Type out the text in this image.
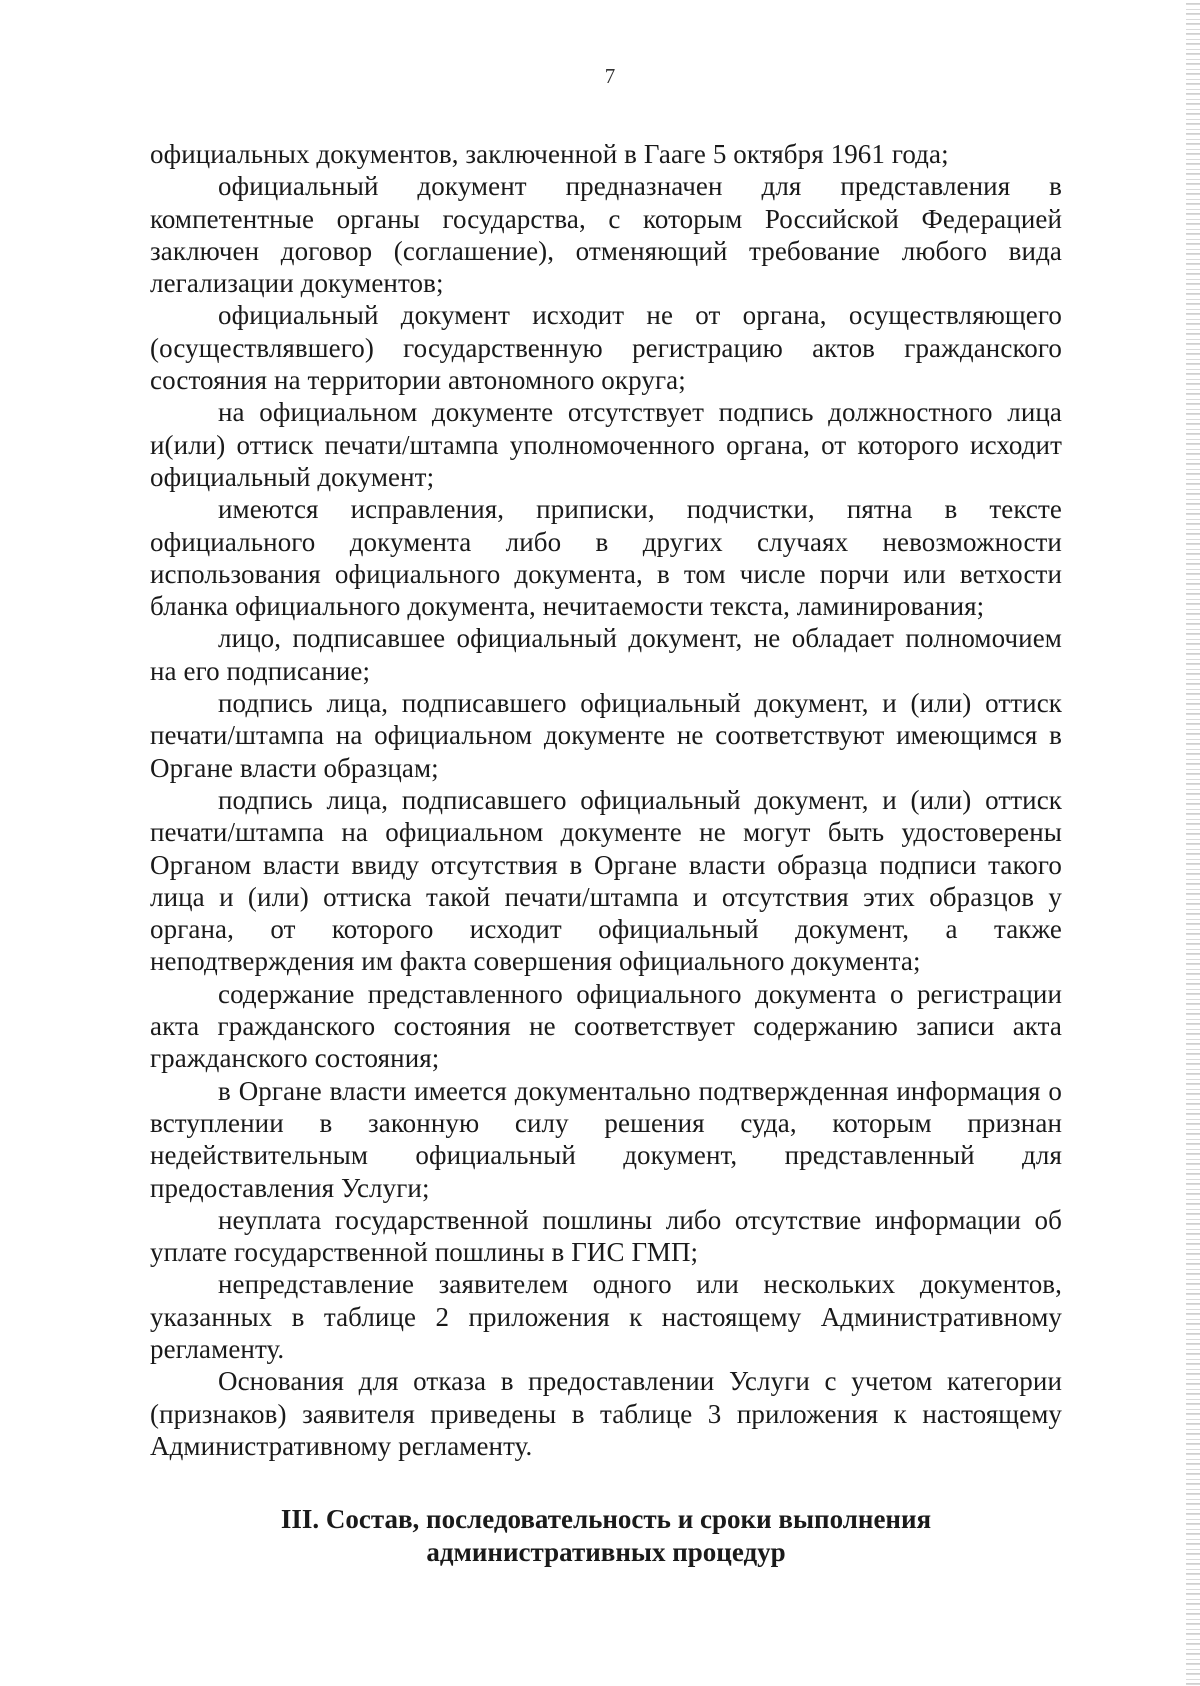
7

официальных документов, заключенной в Гааге 5 октября 1961 года;

официальный документ предназначен для представления в компетентные органы государства, с которым Российской Федерацией заключен договор (соглашение), отменяющий требование любого вида легализации документов;

официальный документ исходит не от органа, осуществляющего (осуществлявшего) государственную регистрацию актов гражданского состояния на территории автономного округа;

на официальном документе отсутствует подпись должностного лица и(или) оттиск печати/штампа уполномоченного органа, от которого исходит официальный документ;

имеются исправления, приписки, подчистки, пятна в тексте официального документа либо в других случаях невозможности использования официального документа, в том числе порчи или ветхости бланка официального документа, нечитаемости текста, ламинирования;

лицо, подписавшее официальный документ, не обладает полномочием на его подписание;

подпись лица, подписавшего официальный документ, и (или) оттиск печати/штампа на официальном документе не соответствуют имеющимся в Органе власти образцам;

подпись лица, подписавшего официальный документ, и (или) оттиск печати/штампа на официальном документе не могут быть удостоверены Органом власти ввиду отсутствия в Органе власти образца подписи такого лица и (или) оттиска такой печати/штампа и отсутствия этих образцов у органа, от которого исходит официальный документ, а также неподтверждения им факта совершения официального документа;

содержание представленного официального документа о регистрации акта гражданского состояния не соответствует содержанию записи акта гражданского состояния;

в Органе власти имеется документально подтвержденная информация о вступлении в законную силу решения суда, которым признан недействительным официальный документ, представленный для предоставления Услуги;

неуплата государственной пошлины либо отсутствие информации об уплате государственной пошлины в ГИС ГМП;

непредставление заявителем одного или нескольких документов, указанных в таблице 2 приложения к настоящему Административному регламенту.

Основания для отказа в предоставлении Услуги с учетом категории (признаков) заявителя приведены в таблице 3 приложения к настоящему Административному регламенту.

III. Состав, последовательность и сроки выполнения
административных процедур
